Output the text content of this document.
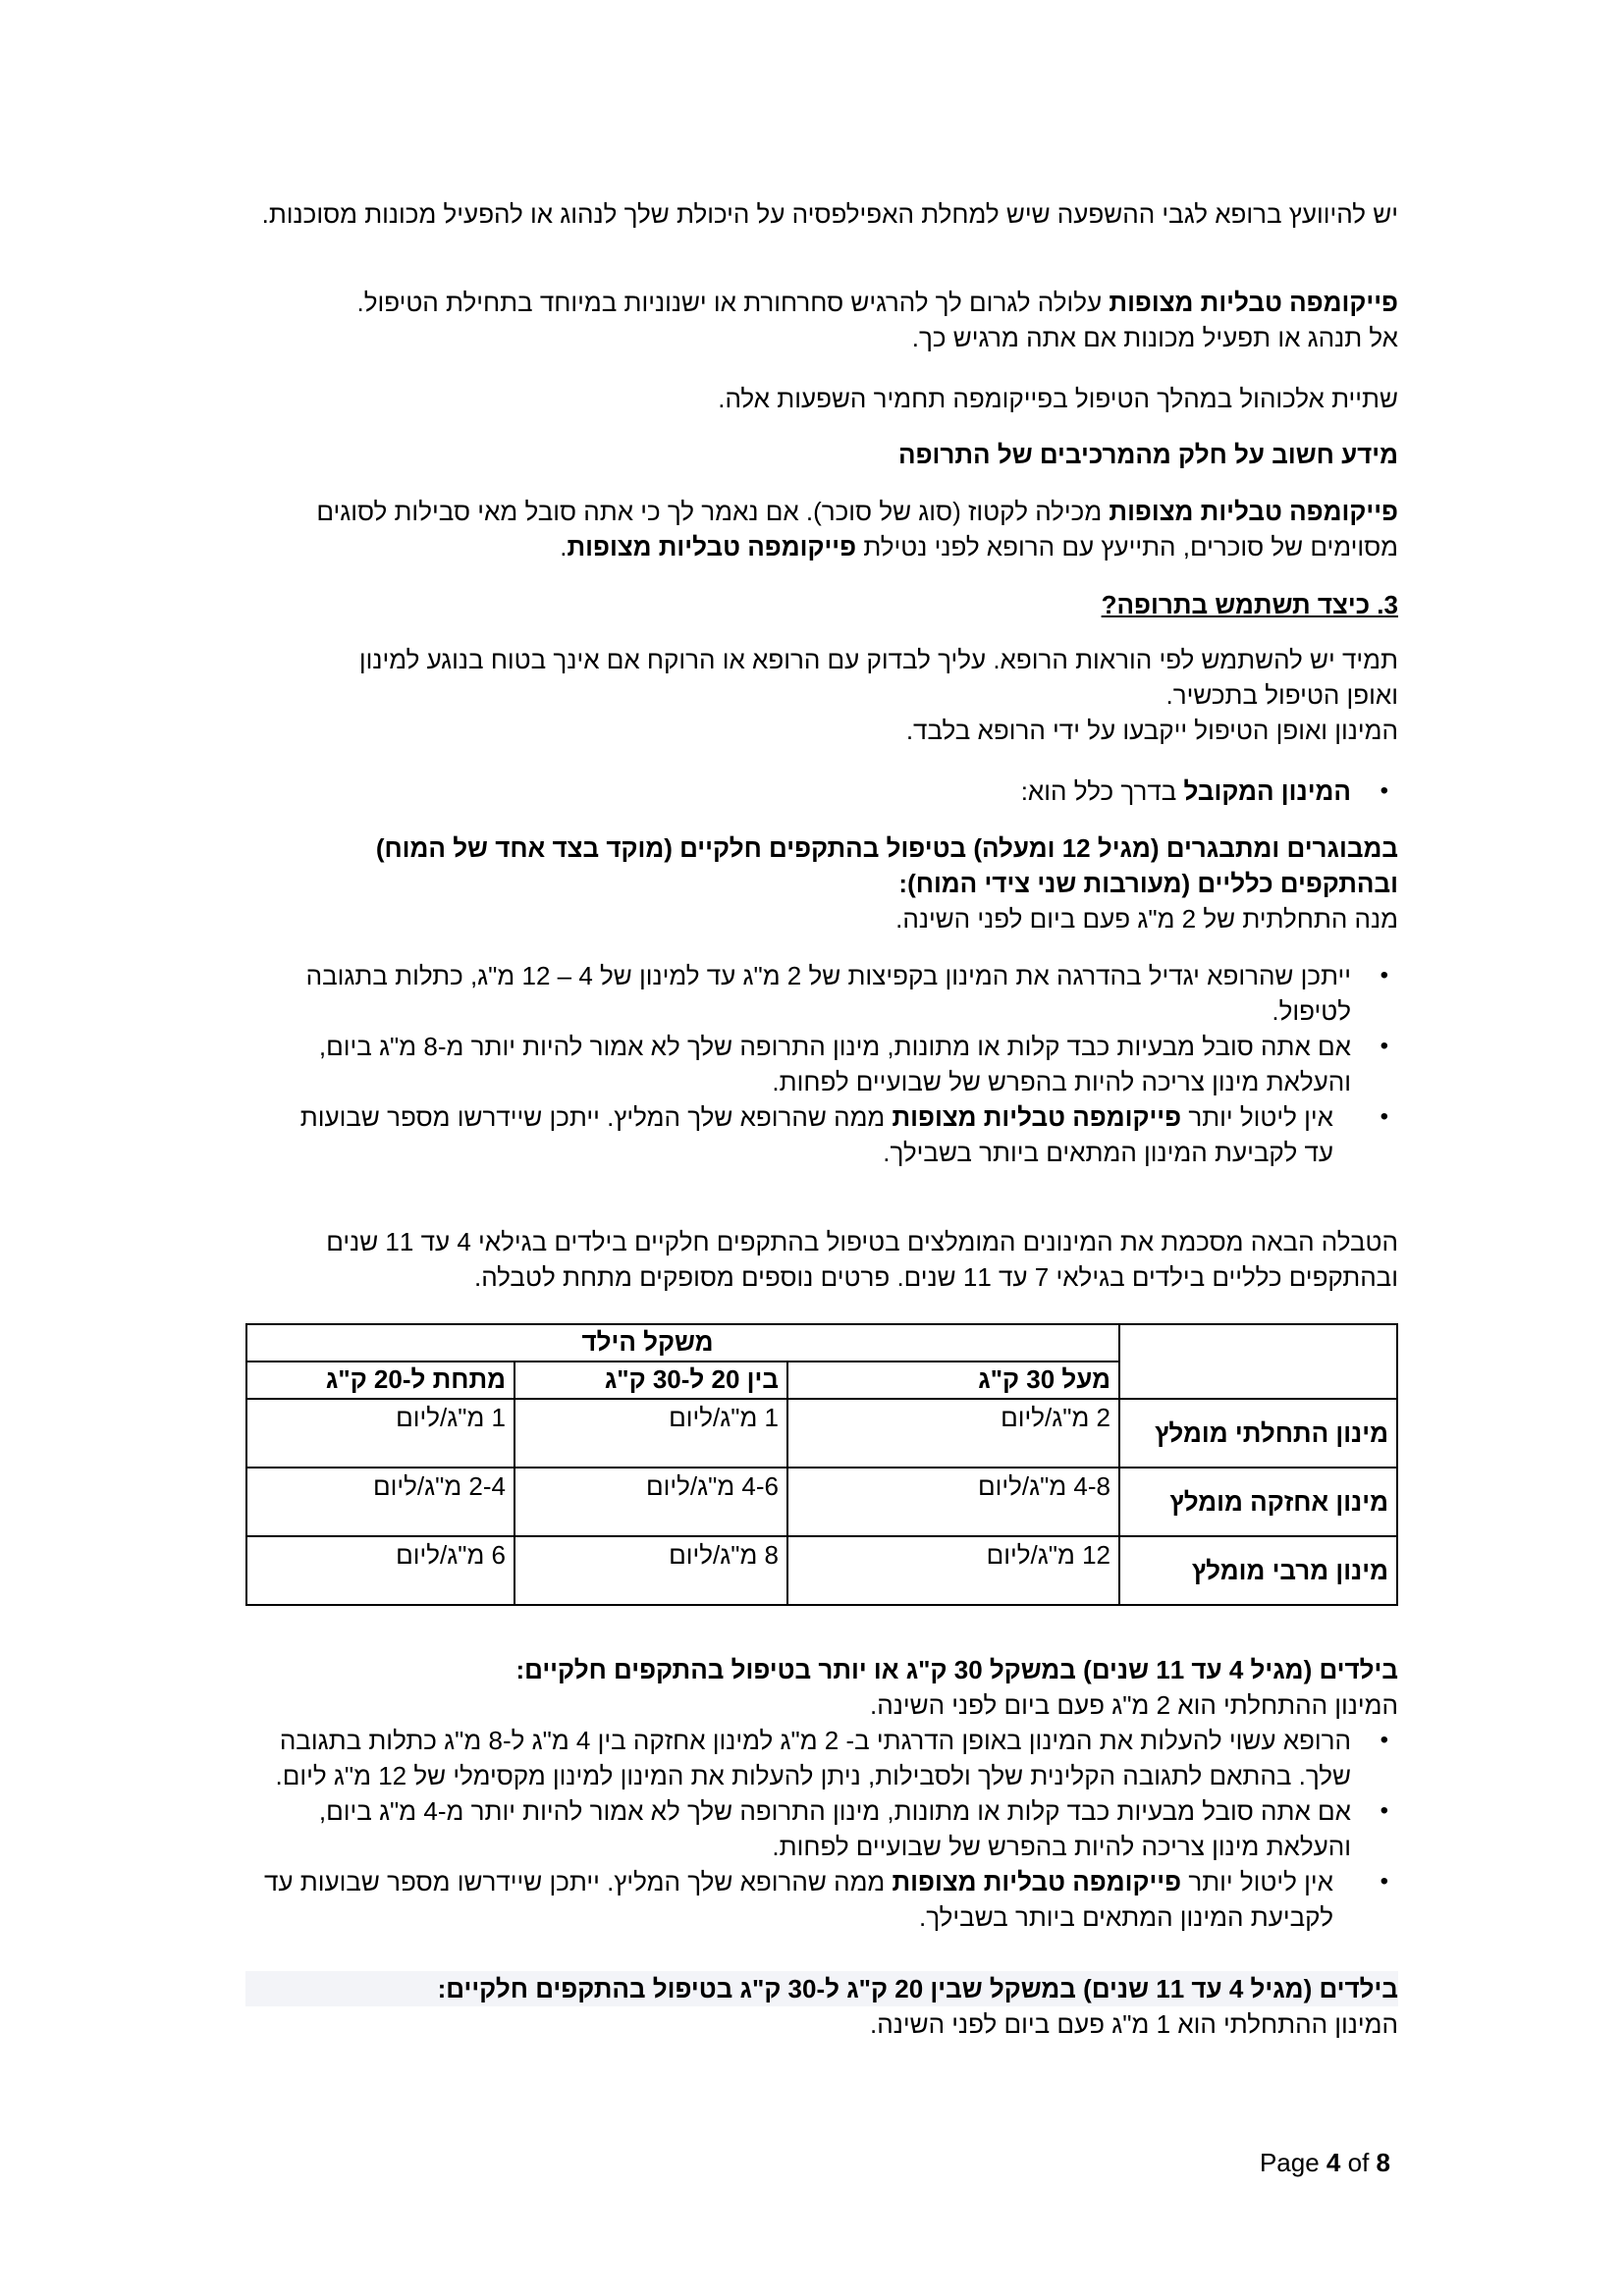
יש להיוועץ ברופא לגבי ההשפעה שיש למחלת האפילפסיה על היכולת שלך לנהוג או להפעיל מכונות מסוכנות.

פייקומפה טבליות מצופות עלולה לגרום לך להרגיש סחרחורת או ישנוניות במיוחד בתחילת הטיפול. אל תנהג או תפעיל מכונות אם אתה מרגיש כך.

שתיית אלכוהול במהלך הטיפול בפייקומפה תחמיר השפעות אלה.

מידע חשוב על חלק מהמרכיבים של התרופה

פייקומפה טבליות מצופות מכילה לקטוז (סוג של סוכר). אם נאמר לך כי אתה סובל מאי סבילות לסוגים מסוימים של סוכרים, התייעץ עם הרופא לפני נטילת פייקומפה טבליות מצופות.

3. כיצד תשתמש בתרופה?

תמיד יש להשתמש לפי הוראות הרופא. עליך לבדוק עם הרופא או הרוקח אם אינך בטוח בנוגע למינון ואופן הטיפול בתכשיר.
המינון ואופן הטיפול ייקבעו על ידי הרופא בלבד.
• המינון המקובל בדרך כלל הוא:
במבוגרים ומתבגרים (מגיל 12 ומעלה) בטיפול בהתקפים חלקיים (מוקד בצד אחד של המוח) ובהתקפים כלליים (מעורבות שני צידי המוח):
מנה התחלתית של 2 מ"ג פעם ביום לפני השינה.
• ייתכן שהרופא יגדיל בהדרגה את המינון בקפיצות של 2 מ"ג עד למינון של 4 – 12 מ"ג, כתלות בתגובה לטיפול.
• אם אתה סובל מבעיות כבד קלות או מתונות, מינון התרופה שלך לא אמור להיות יותר מ-8 מ"ג ביום, והעלאת מינון צריכה להיות בהפרש של שבועיים לפחות.
• אין ליטול יותר פייקומפה טבליות מצופות ממה שהרופא שלך המליץ. ייתכן שיידרשו מספר שבועות עד לקביעת המינון המתאים ביותר בשבילך.

הטבלה הבאה מסכמת את המינונים המומלצים בטיפול בהתקפים חלקיים בילדים בגילאי 4 עד 11 שנים ובהתקפים כלליים בילדים בגילאי 7 עד 11 שנים. פרטים נוספים מסופקים מתחת לטבלה.

	משקל הילד		
	מעל 30 ק"ג	בין 20 ל-30 ק"ג	מתחת ל-20 ק"ג
מינון התחלתי מומלץ	2 מ"ג/ליום	1 מ"ג/ליום	1 מ"ג/ליום
מינון אחזקה מומלץ	4-8 מ"ג/ליום	4-6 מ"ג/ליום	2-4 מ"ג/ליום
מינון מרבי מומלץ	12 מ"ג/ליום	8 מ"ג/ליום	6 מ"ג/ליום
בילדים (מגיל 4 עד 11 שנים) במשקל 30 ק"ג או יותר בטיפול בהתקפים חלקיים:
המינון ההתחלתי הוא 2 מ"ג פעם ביום לפני השינה.
• הרופא עשוי להעלות את המינון באופן הדרגתי ב- 2 מ"ג למינון אחזקה בין 4 מ"ג ל-8 מ"ג כתלות בתגובה שלך. בהתאם לתגובה הקלינית שלך ולסבילות, ניתן להעלות את המינון למינון מקסימלי של 12 מ"ג ליום.
• אם אתה סובל מבעיות כבד קלות או מתונות, מינון התרופה שלך לא אמור להיות יותר מ-4 מ"ג ביום, והעלאת מינון צריכה להיות בהפרש של שבועיים לפחות.
• אין ליטול יותר פייקומפה טבליות מצופות ממה שהרופא שלך המליץ. ייתכן שיידרשו מספר שבועות עד לקביעת המינון המתאים ביותר בשבילך.
בילדים (מגיל 4 עד 11 שנים) במשקל שבין 20 ק"ג ל-30 ק"ג בטיפול בהתקפים חלקיים:
המינון ההתחלתי הוא 1 מ"ג פעם ביום לפני השינה.
Page 4 of 8
